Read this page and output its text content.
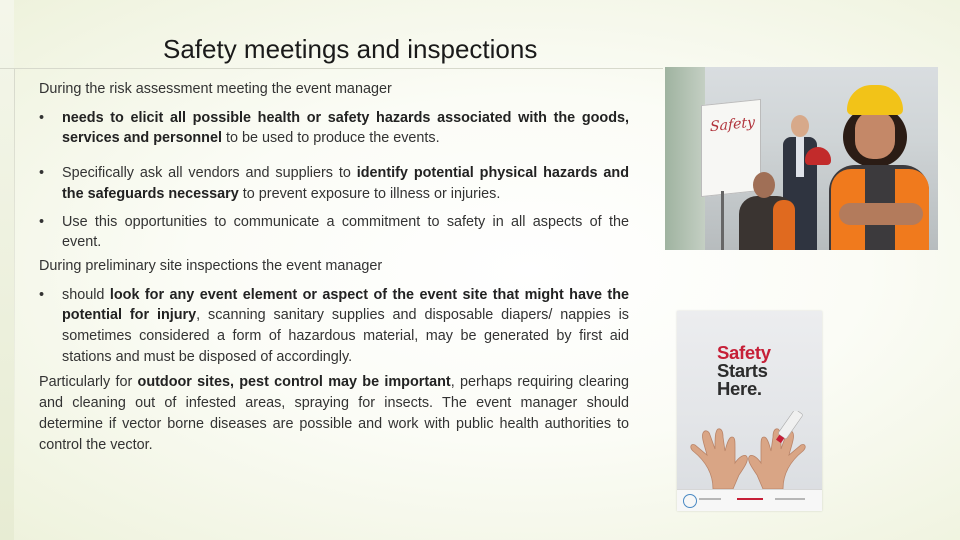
Safety meetings and inspections

During the risk assessment meeting the event manager

• needs to elicit all possible health or safety hazards associated with the goods, services and personnel to be used to produce the events.

• Specifically ask all vendors and suppliers to identify potential physical hazards and the safeguards necessary to prevent exposure to illness or injuries.

• Use this opportunities to communicate a commitment to safety in all aspects of the event.

During preliminary site inspections the event manager

• should look for any event element or aspect of the event site that might have the potential for injury, scanning sanitary supplies and disposable diapers/ nappies is sometimes considered a form of hazardous material, may be generated by first aid stations and must be disposed of accordingly.

Particularly for outdoor sites, pest control may be important, perhaps requiring clearing and cleaning out of infested areas, spraying for insects. The event manager should determine if vector borne diseases are possible and work with public health authorities to control the vector.

Safety
Safety
Starts
Here.
